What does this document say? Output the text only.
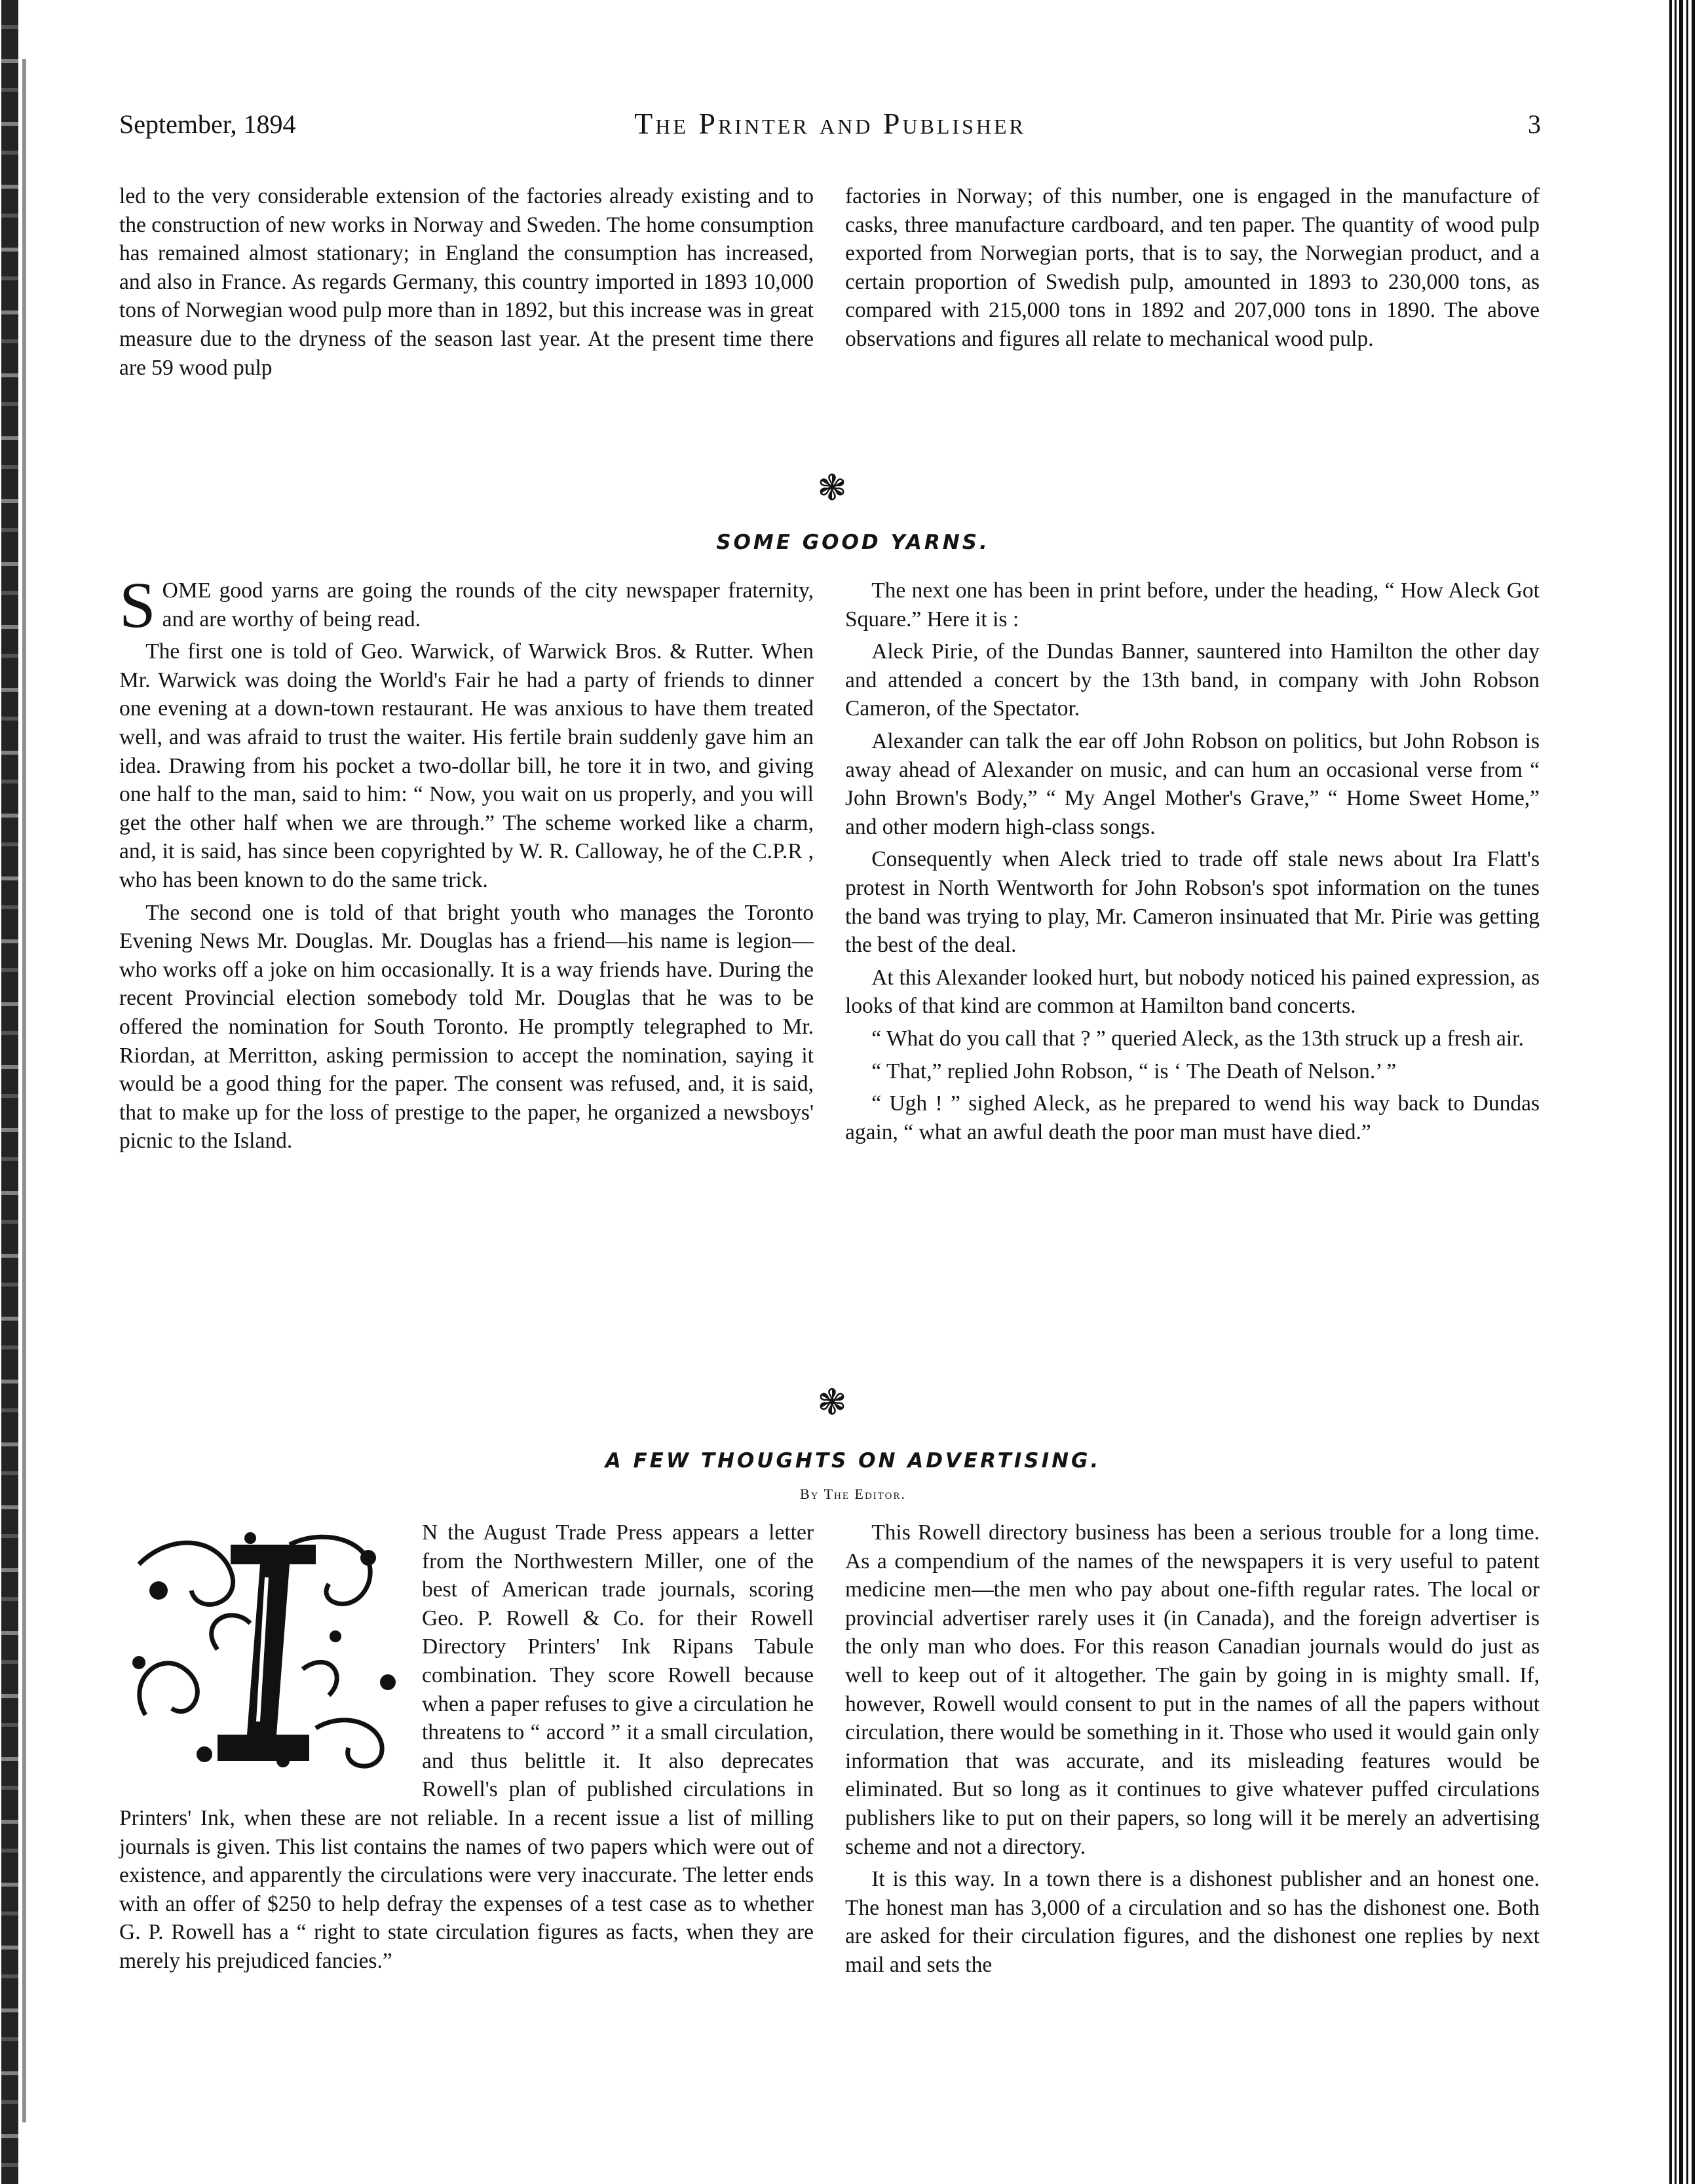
September, 1894	The Printer and Publisher	3

led to the very considerable extension of the factories already existing and to the construction of new works in Norway and Sweden. The home consumption has remained almost stationary; in England the consumption has increased, and also in France. As regards Germany, this country imported in 1893 10,000 tons of Norwegian wood pulp more than in 1892, but this increase was in great measure due to the dryness of the season last year. At the present time there are 59 wood pulp

factories in Norway; of this number, one is engaged in the manufacture of casks, three manufacture cardboard, and ten paper. The quantity of wood pulp exported from Norwegian ports, that is to say, the Norwegian product, and a certain proportion of Swedish pulp, amounted in 1893 to 230,000 tons, as compared with 215,000 tons in 1892 and 207,000 tons in 1890. The above observations and figures all relate to mechanical wood pulp.

❃
SOME GOOD YARNS.

SOME good yarns are going the rounds of the city newspaper fraternity, and are worthy of being read.

The first one is told of Geo. Warwick, of Warwick Bros. & Rutter. When Mr. Warwick was doing the World's Fair he had a party of friends to dinner one evening at a down-town restaurant. He was anxious to have them treated well, and was afraid to trust the waiter. His fertile brain suddenly gave him an idea. Drawing from his pocket a two-dollar bill, he tore it in two, and giving one half to the man, said to him: “ Now, you wait on us properly, and you will get the other half when we are through.” The scheme worked like a charm, and, it is said, has since been copyrighted by W. R. Calloway, he of the C.P.R , who has been known to do the same trick.

The second one is told of that bright youth who manages the Toronto Evening News Mr. Douglas. Mr. Douglas has a friend—his name is legion—who works off a joke on him occasionally. It is a way friends have. During the recent Provincial election somebody told Mr. Douglas that he was to be offered the nomination for South Toronto. He promptly telegraphed to Mr. Riordan, at Merritton, asking permission to accept the nomination, saying it would be a good thing for the paper. The consent was refused, and, it is said, that to make up for the loss of prestige to the paper, he organized a newsboys' picnic to the Island.

The next one has been in print before, under the heading, “ How Aleck Got Square.” Here it is :

Aleck Pirie, of the Dundas Banner, sauntered into Hamilton the other day and attended a concert by the 13th band, in company with John Robson Cameron, of the Spectator.

Alexander can talk the ear off John Robson on politics, but John Robson is away ahead of Alexander on music, and can hum an occasional verse from “ John Brown's Body,” “ My Angel Mother's Grave,” “ Home Sweet Home,” and other modern high-class songs.

Consequently when Aleck tried to trade off stale news about Ira Flatt's protest in North Wentworth for John Robson's spot information on the tunes the band was trying to play, Mr. Cameron insinuated that Mr. Pirie was getting the best of the deal.

At this Alexander looked hurt, but nobody noticed his pained expression, as looks of that kind are common at Hamilton band concerts.

“ What do you call that ? ” queried Aleck, as the 13th struck up a fresh air.

“ That,” replied John Robson, “ is ‘ The Death of Nelson.’ ”

“ Ugh ! ” sighed Aleck, as he prepared to wend his way back to Dundas again, “ what an awful death the poor man must have died.”

❃
A FEW THOUGHTS ON ADVERTISING.
By The Editor.

N the August Trade Press appears a letter from the Northwestern Miller, one of the best of American trade journals, scoring Geo. P. Rowell & Co. for their Rowell Directory Printers' Ink Ripans Tabule combination. They score Rowell because when a paper refuses to give a circulation he threatens to “ accord ” it a small circulation, and thus belittle it. It also deprecates Rowell's plan of published circulations in Printers' Ink, when these are not reliable. In a recent issue a list of milling journals is given. This list contains the names of two papers which were out of existence, and apparently the circulations were very inaccurate. The letter ends with an offer of $250 to help defray the expenses of a test case as to whether G. P. Rowell has a “ right to state circulation figures as facts, when they are merely his prejudiced fancies.”

This Rowell directory business has been a serious trouble for a long time. As a compendium of the names of the newspapers it is very useful to patent medicine men—the men who pay about one-fifth regular rates. The local or provincial advertiser rarely uses it (in Canada), and the foreign advertiser is the only man who does. For this reason Canadian journals would do just as well to keep out of it altogether. The gain by going in is mighty small. If, however, Rowell would consent to put in the names of all the papers without circulation, there would be something in it. Those who used it would gain only information that was accurate, and its misleading features would be eliminated. But so long as it continues to give whatever puffed circulations publishers like to put on their papers, so long will it be merely an advertising scheme and not a directory.

It is this way. In a town there is a dishonest publisher and an honest one. The honest man has 3,000 of a circulation and so has the dishonest one. Both are asked for their circulation figures, and the dishonest one replies by next mail and sets the
